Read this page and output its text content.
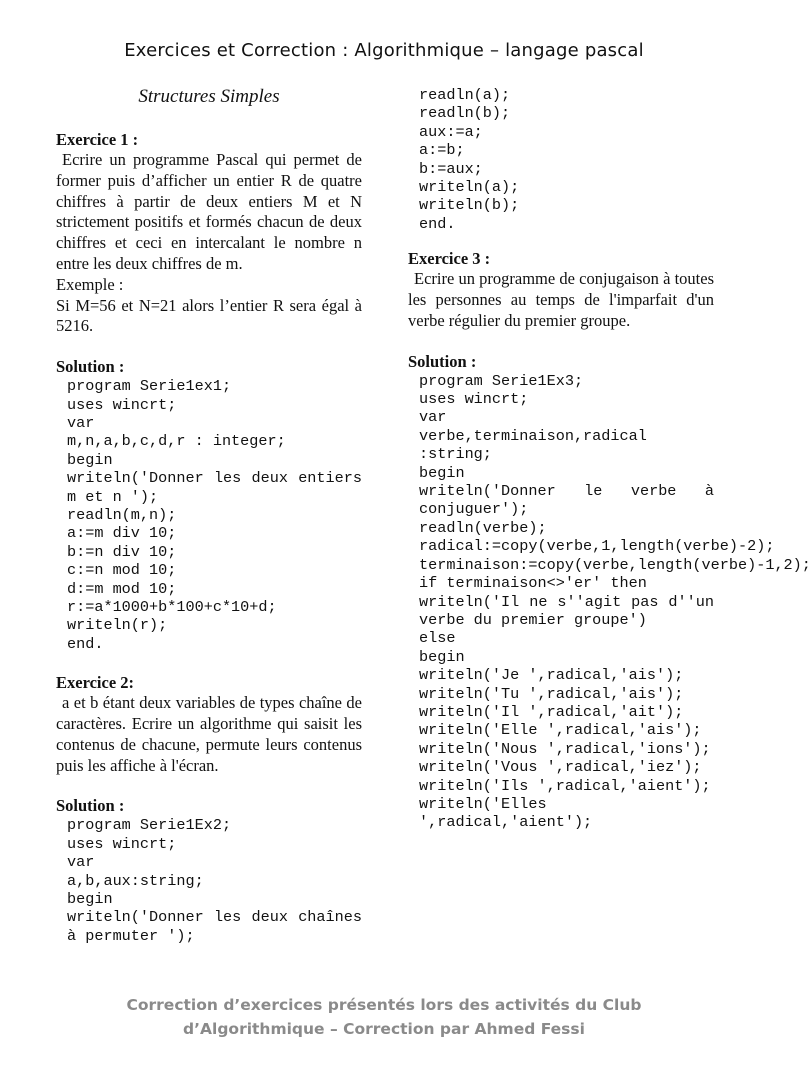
Exercices et Correction : Algorithmique – langage pascal
Structures Simples

Exercice 1 :

Ecrire un programme Pascal qui permet de former puis d’afficher un entier R de quatre chiffres à partir de deux entiers M et N strictement positifs et formés chacun de deux chiffres et ceci en intercalant le nombre n entre les deux chiffres de m.

Exemple :

Si M=56 et N=21 alors l’entier R sera égal à 5216.

Solution :

program Serie1ex1;
uses wincrt;
var
m,n,a,b,c,d,r : integer;
begin
writeln('Donner les deux entiers m et n ');
readln(m,n);
a:=m div 10;
b:=n div 10;
c:=n mod 10;
d:=m mod 10;
r:=a*1000+b*100+c*10+d;
writeln(r);
end.

Exercice 2:

a et b étant deux variables de types chaîne de caractères. Ecrire un algorithme qui saisit les contenus de chacune, permute leurs contenus puis les affiche à l'écran.

Solution :

program Serie1Ex2;
uses wincrt;
var
a,b,aux:string;
begin
writeln('Donner les deux chaînes à permuter ');
readln(a);
readln(b);
aux:=a;
a:=b;
b:=aux;
writeln(a);
writeln(b);
end.

Exercice 3 :

Ecrire un programme de conjugaison à toutes les personnes au temps de l'imparfait d'un verbe régulier du premier groupe.

Solution :

program Serie1Ex3;
uses wincrt;
var
verbe,terminaison,radical :string;
begin
writeln('Donner le verbe à conjuguer');
readln(verbe);
radical:=copy(verbe,1,length(verbe)-2);
terminaison:=copy(verbe,length(verbe)-1,2);
if terminaison<>'er' then
writeln('Il ne s''agit pas d''un verbe du premier groupe')
else
begin
writeln('Je ',radical,'ais');
writeln('Tu ',radical,'ais');
writeln('Il ',radical,'ait');
writeln('Elle ',radical,'ais');
writeln('Nous ',radical,'ions');
writeln('Vous ',radical,'iez');
writeln('Ils ',radical,'aient');
writeln('Elles ',radical,'aient');
Correction d’exercices présentés lors des activités du Club
d’Algorithmique – Correction par Ahmed Fessi
